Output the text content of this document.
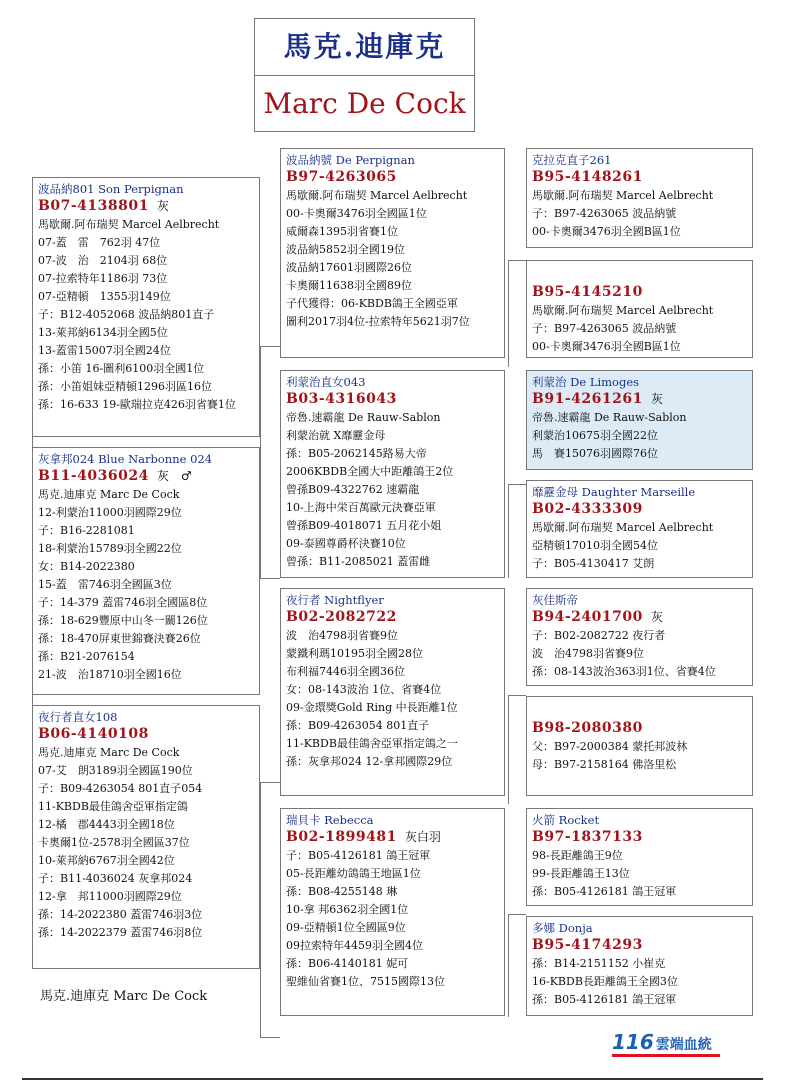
馬克.迪庫克
Marc De Cock
波品納801 Son Perpignan
B07-4138801 灰
馬歇爾.阿布瑞契 Marcel Aelbrecht
07-蓋　雷　762羽 47位
07-波　治　2104羽 68位
07-拉索特年1186羽 73位
07-亞精頓　1355羽149位
子：B12-4052068 波品納801直子
13-萊邦納6134羽全國5位
13-蓋雷15007羽全國24位
孫：小笛 16-圖利6100羽全國1位
孫：小笛姐妹亞精頓1296羽區16位
孫：16-633 19-歐瑞拉克426羽省賽1位
灰拿邦024 Blue Narbonne 024
B11-4036024 灰　♂
馬克.迪庫克 Marc De Cock
12-利蒙治11000羽國際29位
子：B16-2281081
18-利蒙治15789羽全國22位
女：B14-2022380
15-蓋　雷746羽全國區3位
子：14-379 蓋雷746羽全國區8位
孫：18-629豐原中山冬一關126位
孫：18-470屏東世錦賽決賽26位
孫：B21-2076154
21-波　治18710羽全國16位
夜行者直女108
B06-4140108
馬克.迪庫克 Marc De Cock
07-艾　朗3189羽全國區190位
子：B09-4263054 801直子054
11-KBDB最佳鴿舍亞軍指定鴿
12-橘　郡4443羽全國18位
卡奧爾1位-2578羽全國區37位
10-萊邦納6767羽全國42位
子：B11-4036024 灰拿邦024
12-拿　邦11000羽國際29位
孫：14-2022380 蓋雷746羽3位
孫：14-2022379 蓋雷746羽8位
波品納號 De Perpignan
B97-4263065
馬歇爾.阿布瑞契 Marcel Aelbrecht
00-卡奧爾3476羽全國區1位
威爾森1395羽省賽1位
波品納5852羽全國19位
波品納17601羽國際26位
卡奧爾11638羽全國89位
子代獲得：06-KBDB鴿王全國亞軍
圖利2017羽4位-拉索特年5621羽7位
利蒙治直女043
B03-4316043
帝魯.速霸龍 De Rauw-Sablon
利蒙治就 X靡靂金母
孫：B05-2062145路易大帝
2006KBDB全國大中距離鴿王2位
曾孫B09-4322762 速霸龍
10-上海中栄百萬歐元決賽亞軍
曾孫B09-4018071 五月花小姐
09-泰國尊爵杯決賽10位
曾孫：B11-2085021 蓋雷雌
夜行者 Nightflyer
B02-2082722
波　治4798羽省賽9位
蒙鐵利瑪10195羽全國28位
布利福7446羽全國36位
女：08-143波治 1位、省賽4位
09-金環獎Gold Ring 中長距離1位
孫：B09-4263054 801直子
11-KBDB最佳鴿舍亞軍指定鴿之一
孫：灰拿邦024 12-拿邦國際29位
瑞貝卡 Rebecca
B02-1899481 灰白羽
子：B05-4126181 鴿王冠軍
05-長距離幼鴿鴿王地區1位
孫：B08-4255148 琳
10-拿 邦6362羽全國1位
09-亞精頓1位全國區9位
09拉索特年4459羽全國4位
孫：B06-4140181 妮可
聖維仙省賽1位、7515國際13位
克拉克直子261
B95-4148261
馬歇爾.阿布瑞契 Marcel Aelbrecht
子：B97-4263065 波品納號
00-卡奧爾3476羽全國B區1位
B95-4145210
馬歇爾.阿布瑞契 Marcel Aelbrecht
子：B97-4263065 波品納號
00-卡奧爾3476羽全國B區1位
利蒙治 De Limoges
B91-4261261 灰
帝魯.速霸龍 De Rauw-Sablon
利蒙治10675羽全國22位
馬　賽15076羽國際76位
靡靂金母 Daughter Marseille
B02-4333309
馬歇爾.阿布瑞契 Marcel Aelbrecht
亞精頓17010羽全國54位
子：B05-4130417 艾朗
灰佳斯帝
B94-2401700 灰
子：B02-2082722 夜行者
波　治4798羽省賽9位
孫：08-143波治363羽1位、省賽4位
B98-2080380
父：B97-2000384 蒙托邦波林
母：B97-2158164 佛洛里松
火箭 Rocket
B97-1837133
98-長距離鴿王9位
99-長距離鴿王13位
孫：B05-4126181 鴿王冠軍
多娜 Donja
B95-4174293
孫：B14-2151152 小崔克
16-KBDB長距離鴿王全國3位
孫：B05-4126181 鴿王冠軍
馬克.迪庫克 Marc De Cock
116 雲端血統
